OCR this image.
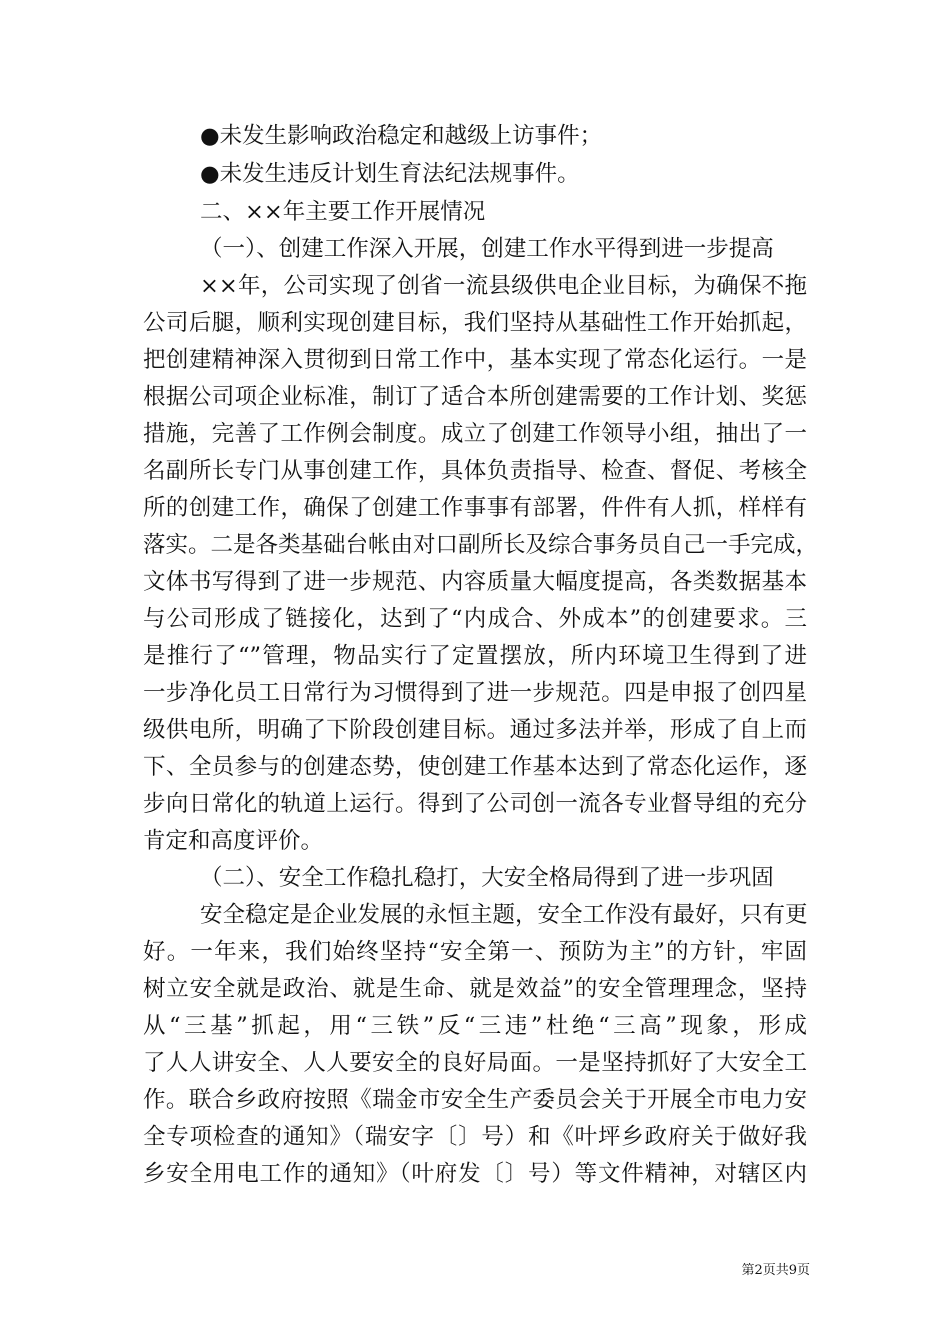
●未发生影响政治稳定和越级上访事件；
●未发生违反计划生育法纪法规事件。
二、××年主要工作开展情况
（一）、创建工作深入开展，创建工作水平得到进一步提高
××年，公司实现了创省一流县级供电企业目标，为确保不拖
公司后腿，顺利实现创建目标，我们坚持从基础性工作开始抓起，
把创建精神深入贯彻到日常工作中，基本实现了常态化运行。一是
根据公司项企业标准，制订了适合本所创建需要的工作计划、奖惩
措施，完善了工作例会制度。成立了创建工作领导小组，抽出了一
名副所长专门从事创建工作，具体负责指导、检查、督促、考核全
所的创建工作，确保了创建工作事事有部署，件件有人抓，样样有
落实。二是各类基础台帐由对口副所长及综合事务员自己一手完成，
文体书写得到了进一步规范、内容质量大幅度提高，各类数据基本
与公司形成了链接化，达到了“内成合、外成本”的创建要求。三
是推行了“”管理，物品实行了定置摆放，所内环境卫生得到了进
一步净化员工日常行为习惯得到了进一步规范。四是申报了创四星
级供电所，明确了下阶段创建目标。通过多法并举，形成了自上而
下、全员参与的创建态势，使创建工作基本达到了常态化运作，逐
步向日常化的轨道上运行。得到了公司创一流各专业督导组的充分
肯定和高度评价。
（二）、安全工作稳扎稳打，大安全格局得到了进一步巩固
安全稳定是企业发展的永恒主题，安全工作没有最好，只有更
好。一年来，我们始终坚持“安全第一、预防为主”的方针，牢固
树立安全就是政治、就是生命、就是效益”的安全管理理念，坚持
从“三基”抓起，用“三铁”反“三违”杜绝“三高”现象，形成
了人人讲安全、人人要安全的良好局面。一是坚持抓好了大安全工
作。联合乡政府按照《瑞金市安全生产委员会关于开展全市电力安
全专项检查的通知》（瑞安字〔〕号）和《叶坪乡政府关于做好我
乡安全用电工作的通知》（叶府发〔〕号）等文件精神，对辖区内
第2页共9页
